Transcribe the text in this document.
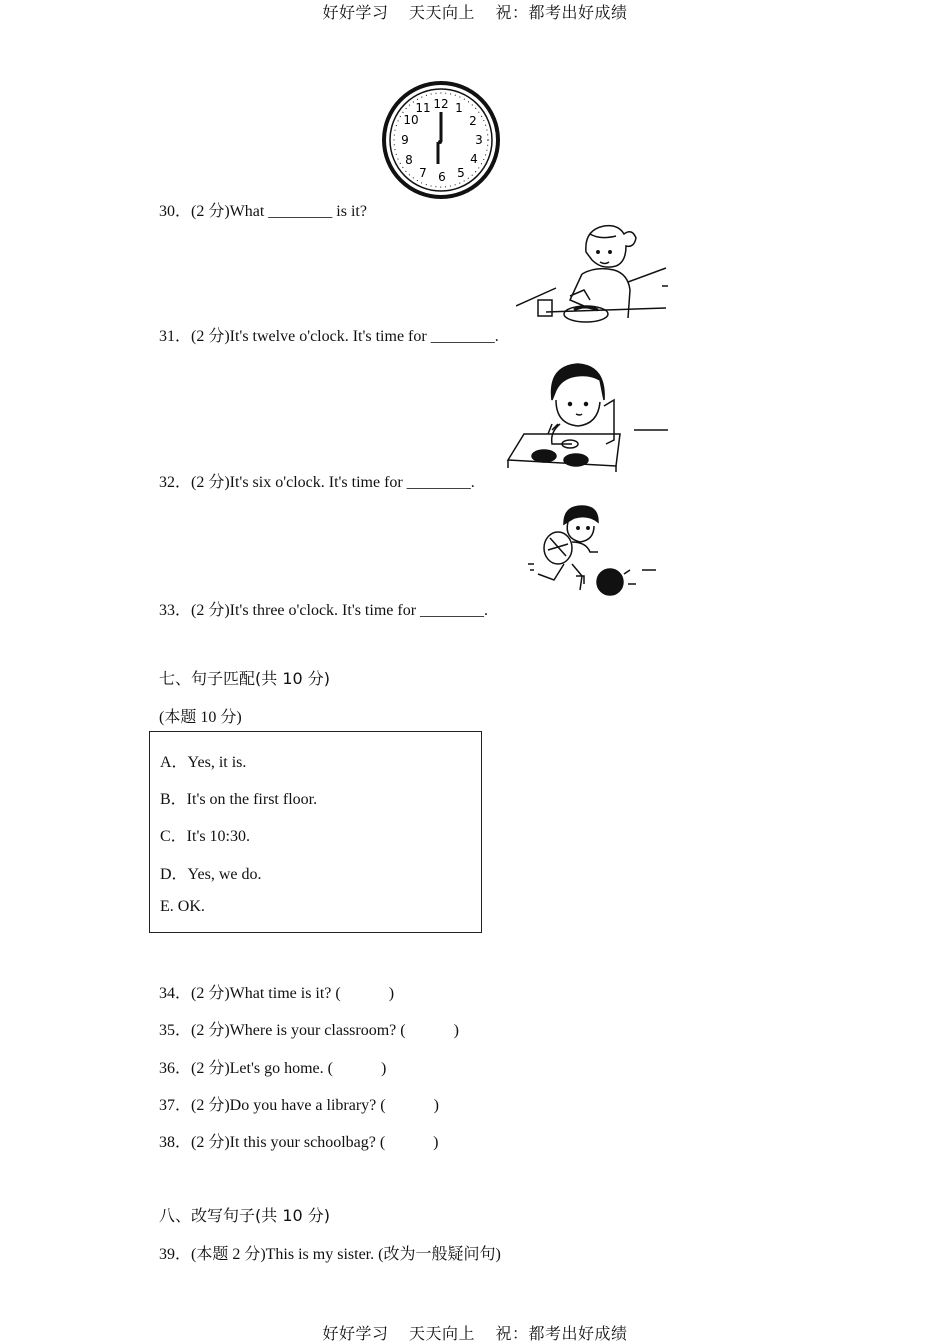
好好学习 天天向上 祝：都考出好成绩
12 1
2
3
4
5
6
7
8
9
10
11
30．(2 分)What ________ is it?
31．(2 分)It's twelve o'clock. It's time for ________.
32．(2 分)It's six o'clock. It's time for ________.
33．(2 分)It's three o'clock. It's time for ________.
七、句子匹配(共 10 分)
(本题 10 分)
A．Yes, it is.
B．It's on the first floor.
C．It's 10:30.
D．Yes, we do.
E. OK.
34．(2 分)What time is it? (　　　)
35．(2 分)Where is your classroom? (　　　)
36．(2 分)Let's go home. (　　　)
37．(2 分)Do you have a library? (　　　)
38．(2 分)It this your schoolbag? (　　　)
八、改写句子(共 10 分)
39．(本题 2 分)This is my sister. (改为一般疑问句)
好好学习 天天向上 祝：都考出好成绩
